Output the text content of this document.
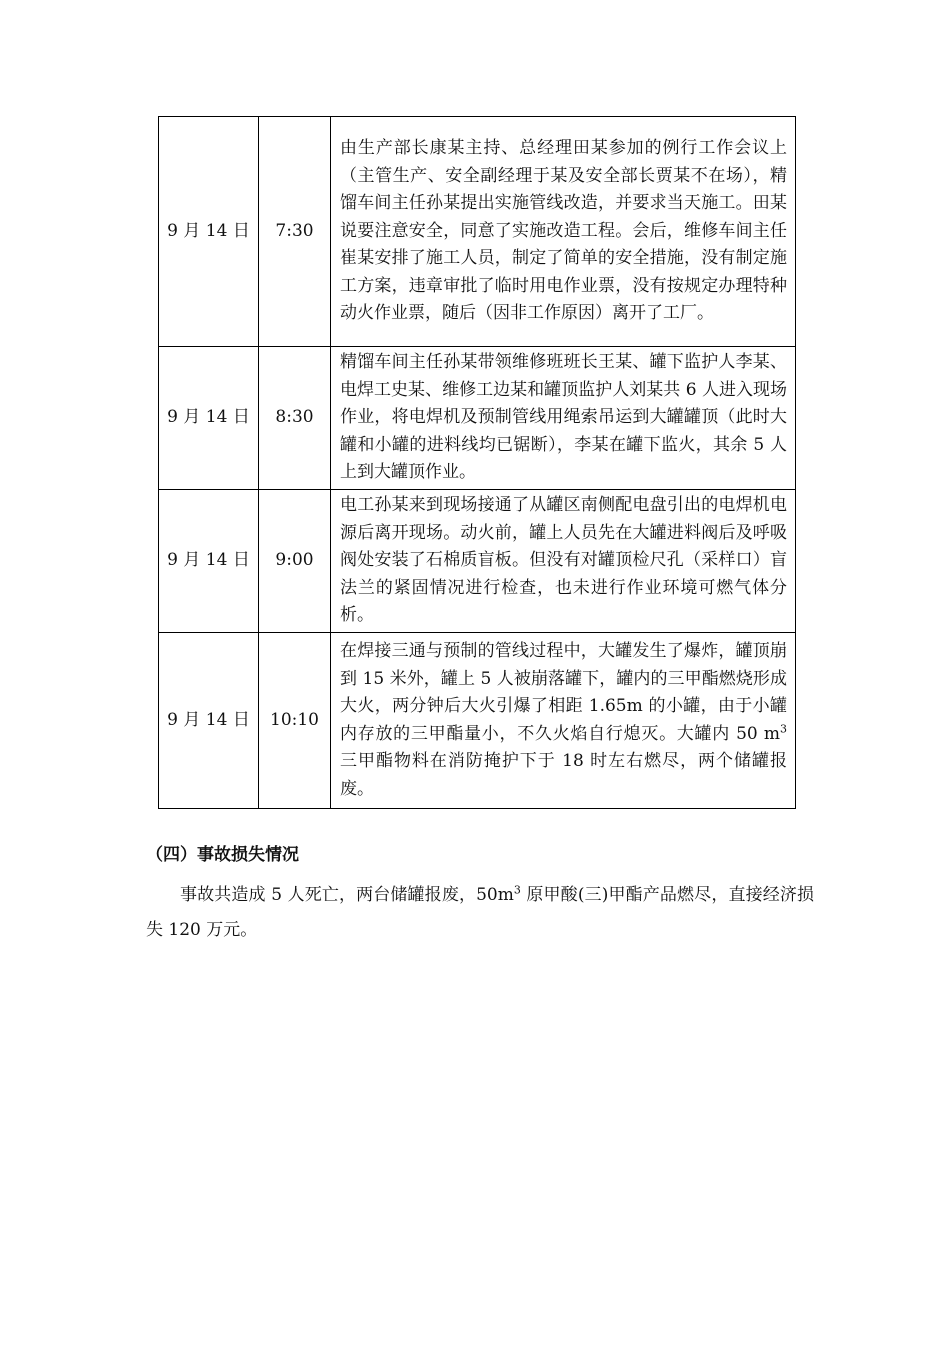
9 月 14 日	7:30	由生产部长康某主持、总经理田某参加的例行工作会议上（主管生产、安全副经理于某及安全部长贾某不在场），精馏车间主任孙某提出实施管线改造，并要求当天施工。田某说要注意安全，同意了实施改造工程。会后，维修车间主任崔某安排了施工人员，制定了简单的安全措施，没有制定施工方案，违章审批了临时用电作业票，没有按规定办理特种动火作业票，随后（因非工作原因）离开了工厂。
9 月 14 日	8:30	精馏车间主任孙某带领维修班班长王某、罐下监护人李某、电焊工史某、维修工边某和罐顶监护人刘某共 6 人进入现场作业，将电焊机及预制管线用绳索吊运到大罐罐顶（此时大罐和小罐的进料线均已锯断），李某在罐下监火，其余 5 人上到大罐顶作业。
9 月 14 日	9:00	电工孙某来到现场接通了从罐区南侧配电盘引出的电焊机电源后离开现场。动火前，罐上人员先在大罐进料阀后及呼吸阀处安装了石棉质盲板。但没有对罐顶检尺孔（采样口）盲法兰的紧固情况进行检查，也未进行作业环境可燃气体分析。
9 月 14 日	10:10	在焊接三通与预制的管线过程中，大罐发生了爆炸，罐顶崩到 15 米外，罐上 5 人被崩落罐下，罐内的三甲酯燃烧形成大火，两分钟后大火引爆了相距 1.65m 的小罐，由于小罐内存放的三甲酯量小，不久火焰自行熄灭。大罐内 50 $m^3$ 三甲酯物料在消防掩护下于 18 时左右燃尽，两个储罐报废。
（四）事故损失情况

事故共造成 5 人死亡，两台储罐报废，$50m^3$ 原甲酸(三)甲酯产品燃尽，直接经济损失 120 万元。
